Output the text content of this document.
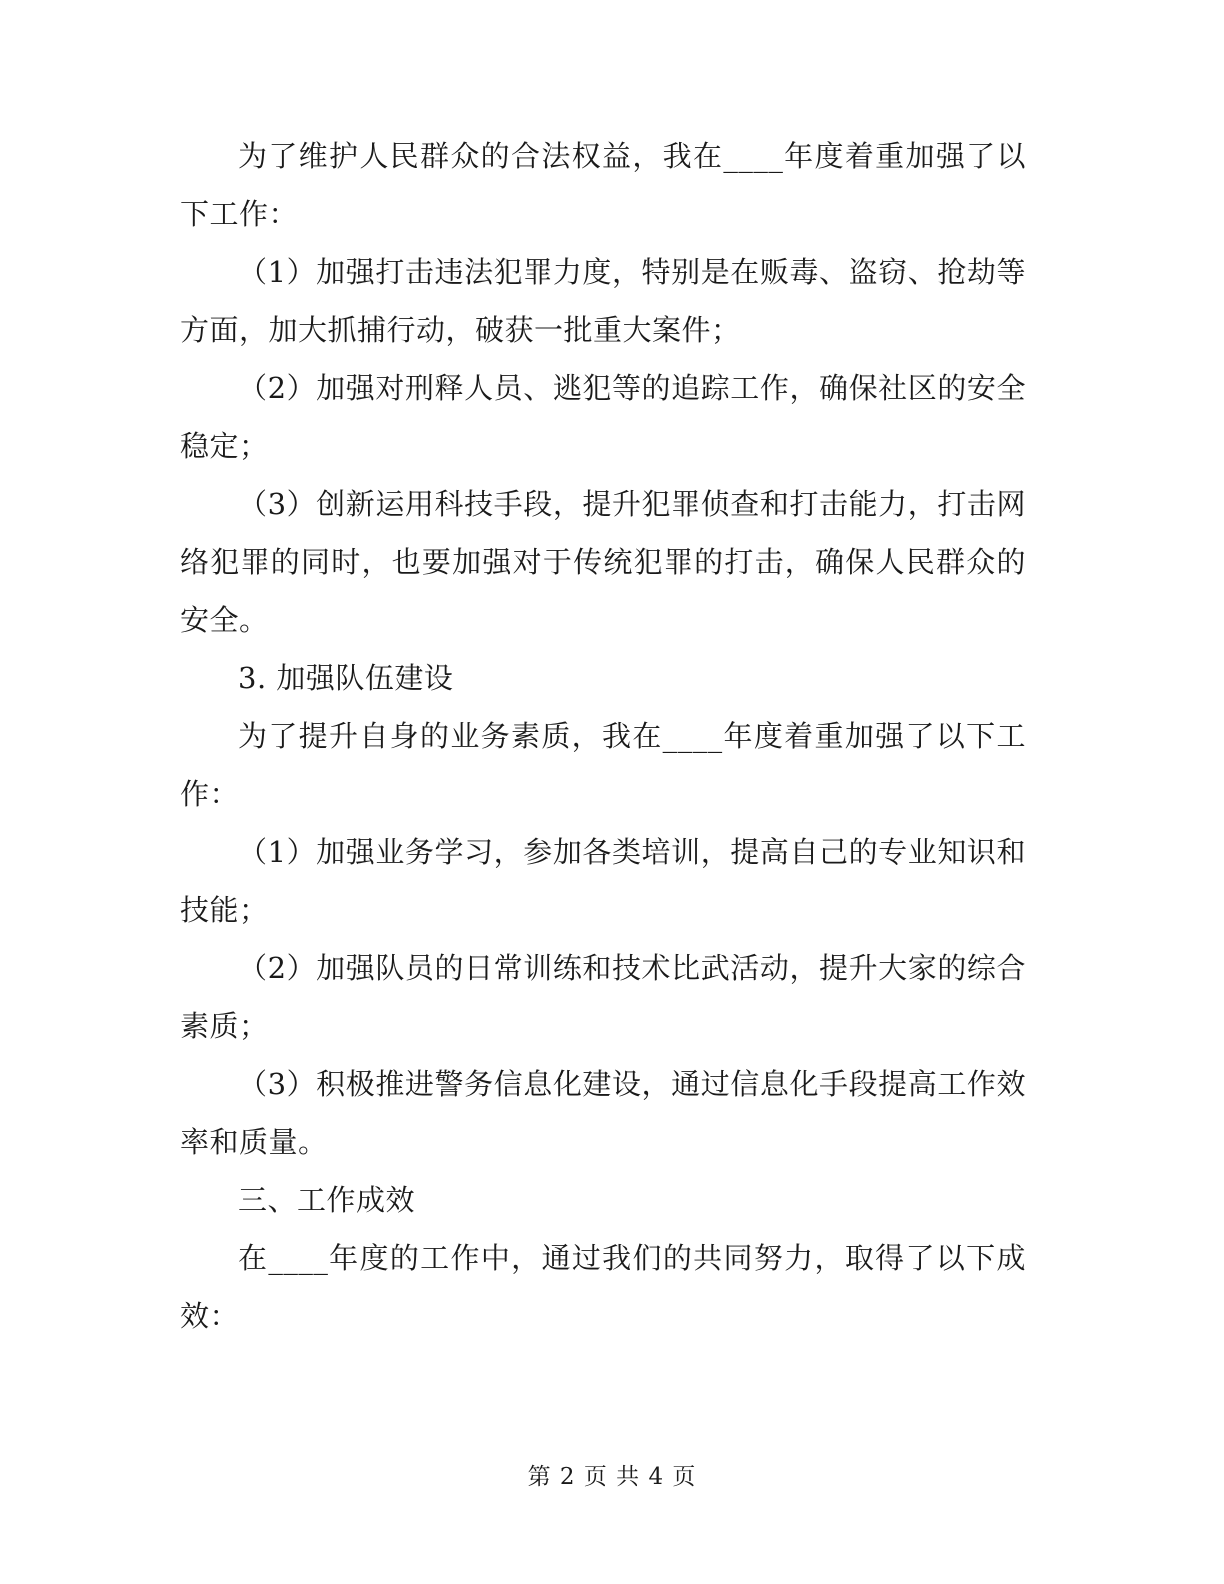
为了维护人民群众的合法权益，我在____年度着重加强了以下工作：

（1）加强打击违法犯罪力度，特别是在贩毒、盗窃、抢劫等方面，加大抓捕行动，破获一批重大案件；

（2）加强对刑释人员、逃犯等的追踪工作，确保社区的安全稳定；

（3）创新运用科技手段，提升犯罪侦查和打击能力，打击网络犯罪的同时，也要加强对于传统犯罪的打击，确保人民群众的安全。

3. 加强队伍建设

为了提升自身的业务素质，我在____年度着重加强了以下工作：

（1）加强业务学习，参加各类培训，提高自己的专业知识和技能；

（2）加强队员的日常训练和技术比武活动，提升大家的综合素质；

（3）积极推进警务信息化建设，通过信息化手段提高工作效率和质量。

三、工作成效

在____年度的工作中，通过我们的共同努力，取得了以下成效：

第 2 页 共 4 页
